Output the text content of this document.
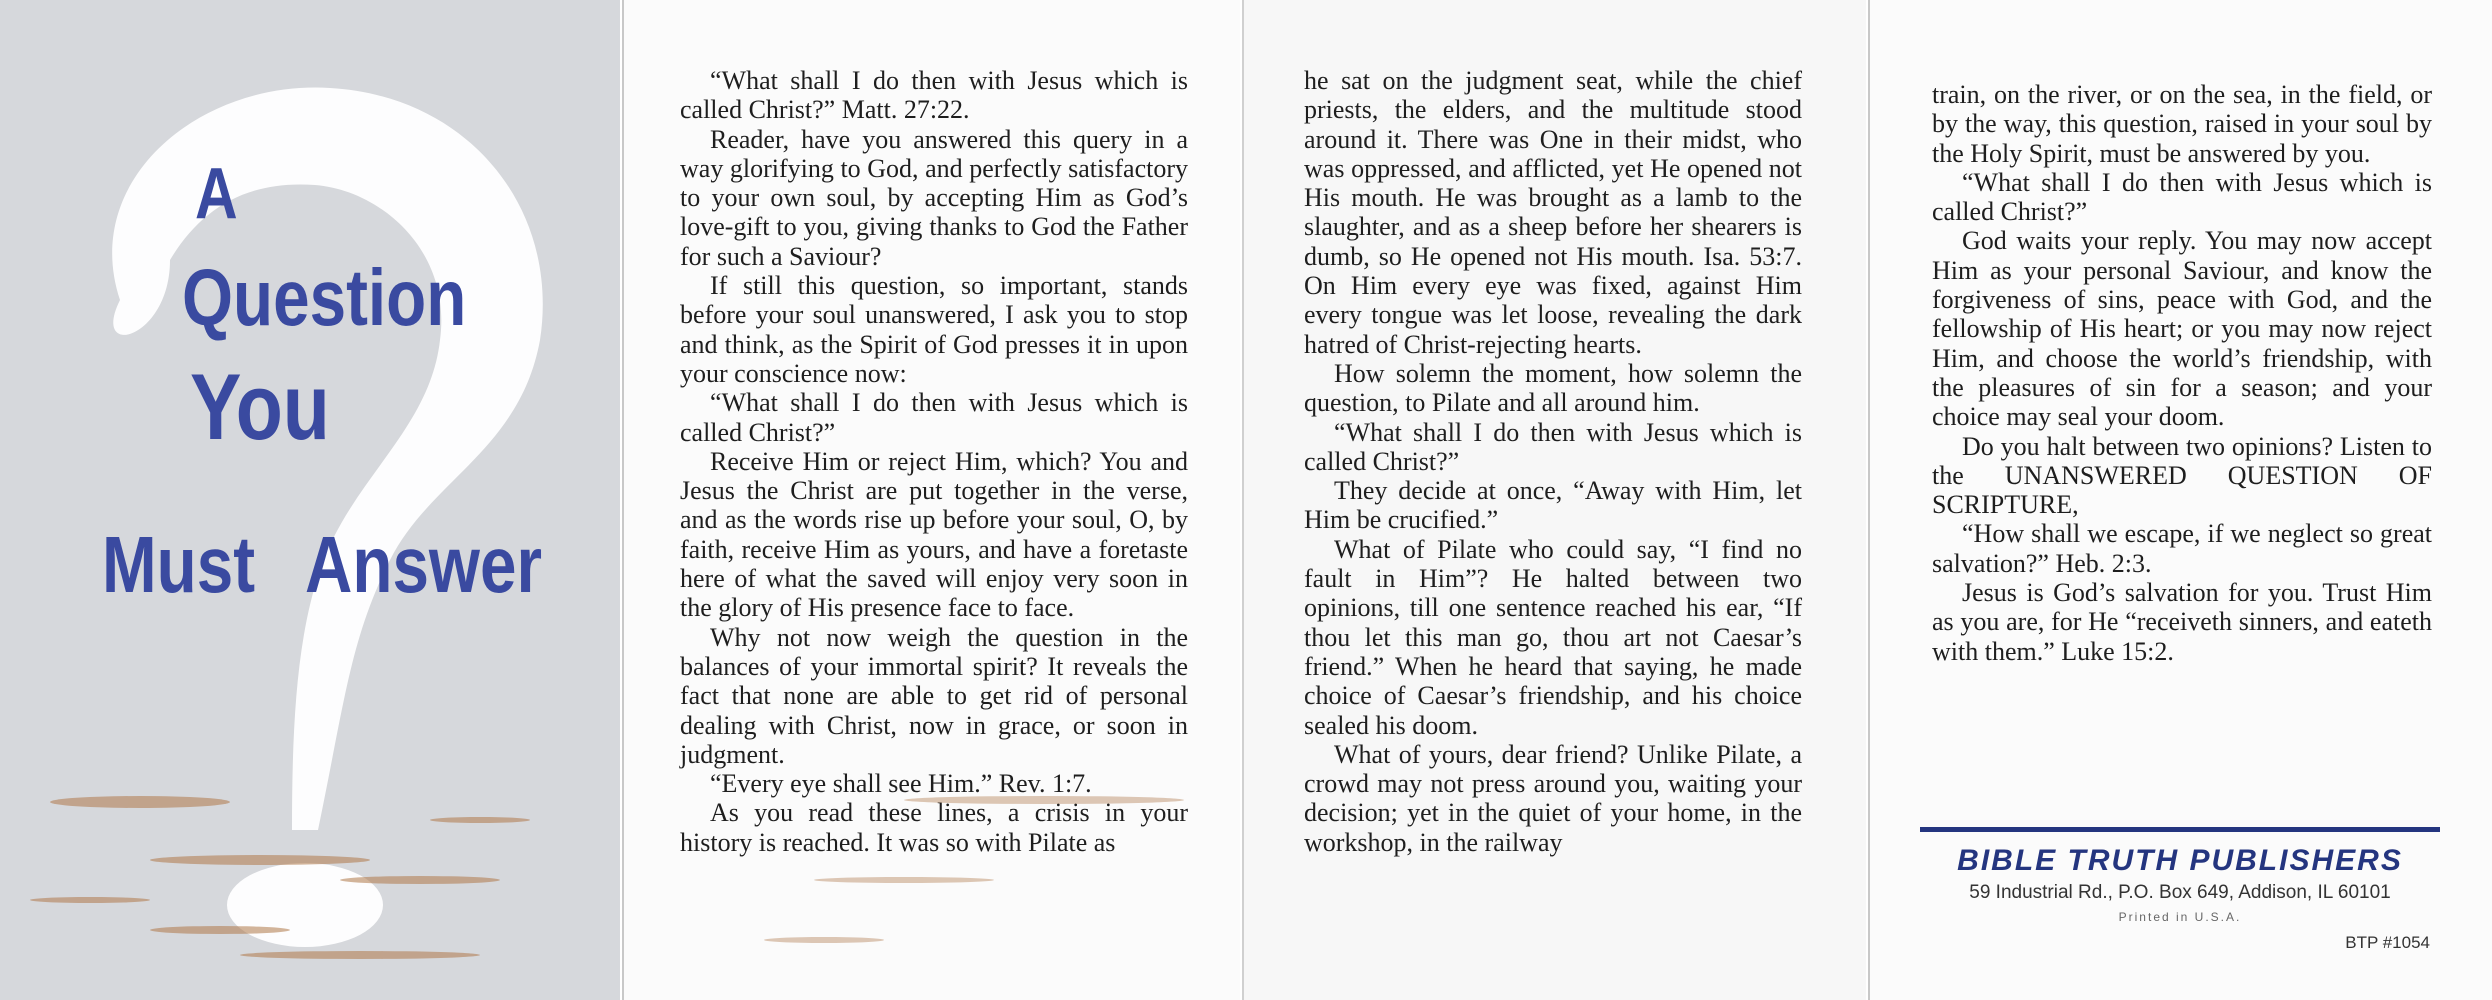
A
Question
You
Must Answer

“What shall I do then with Jesus which is called Christ?” Matt. 27:22.

Reader, have you answered this query in a way glorifying to God, and perfectly satisfactory to your own soul, by accepting Him as God’s love-gift to you, giving thanks to God the Father for such a Saviour?

If still this question, so important, stands before your soul unanswered, I ask you to stop and think, as the Spirit of God presses it in upon your conscience now:

“What shall I do then with Jesus which is called Christ?”

Receive Him or reject Him, which? You and Jesus the Christ are put together in the verse, and as the words rise up before your soul, O, by faith, receive Him as yours, and have a foretaste here of what the saved will enjoy very soon in the glory of His presence face to face.

Why not now weigh the question in the balances of your immortal spirit? It reveals the fact that none are able to get rid of personal dealing with Christ, now in grace, or soon in judgment.

“Every eye shall see Him.” Rev. 1:7.

As you read these lines, a crisis in your history is reached. It was so with Pilate as

he sat on the judgment seat, while the chief priests, the elders, and the multitude stood around it. There was One in their midst, who was oppressed, and afflicted, yet He opened not His mouth. He was brought as a lamb to the slaughter, and as a sheep before her shearers is dumb, so He opened not His mouth. Isa. 53:7. On Him every eye was fixed, against Him every tongue was let loose, revealing the dark hatred of Christ-rejecting hearts.

How solemn the moment, how solemn the question, to Pilate and all around him.

“What shall I do then with Jesus which is called Christ?”

They decide at once, “Away with Him, let Him be crucified.”

What of Pilate who could say, “I find no fault in Him”? He halted between two opinions, till one sentence reached his ear, “If thou let this man go, thou art not Caesar’s friend.” When he heard that saying, he made choice of Caesar’s friendship, and his choice sealed his doom.

What of yours, dear friend? Unlike Pilate, a crowd may not press around you, waiting your decision; yet in the quiet of your home, in the workshop, in the railway

train, on the river, or on the sea, in the field, or by the way, this question, raised in your soul by the Holy Spirit, must be answered by you.

“What shall I do then with Jesus which is called Christ?”

God waits your reply. You may now accept Him as your personal Saviour, and know the forgiveness of sins, peace with God, and the fellowship of His heart; or you may now reject Him, and choose the world’s friendship, with the pleasures of sin for a season; and your choice may seal your doom.

Do you halt between two opinions? Listen to the UNANSWERED QUESTION OF SCRIPTURE,

“How shall we escape, if we neglect so great salvation?” Heb. 2:3.

Jesus is God’s salvation for you. Trust Him as you are, for He “receiveth sinners, and eateth with them.” Luke 15:2.

BIBLE TRUTH PUBLISHERS
59 Industrial Rd., P.O. Box 649, Addison, IL 60101
Printed in U.S.A.
BTP #1054
